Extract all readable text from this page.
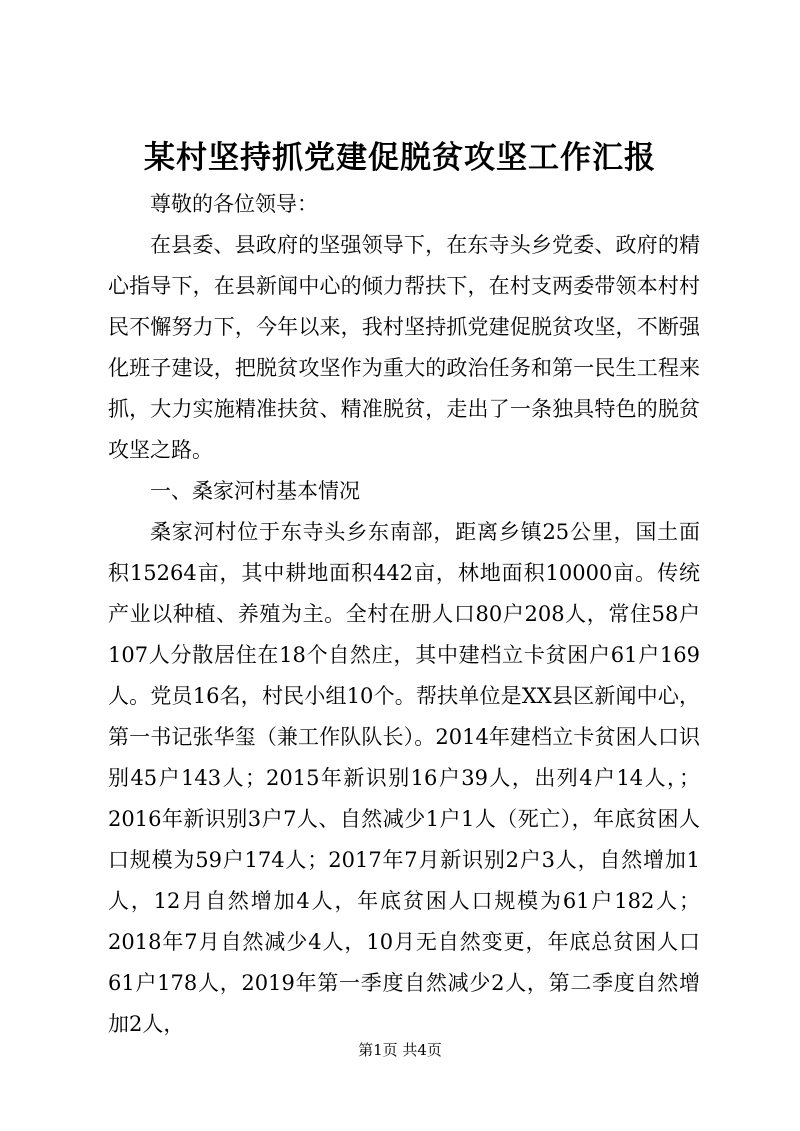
某村坚持抓党建促脱贫攻坚工作汇报

尊敬的各位领导：

在县委、县政府的坚强领导下，在东寺头乡党委、政府的精心指导下，在县新闻中心的倾力帮扶下，在村支两委带领本村村民不懈努力下，今年以来，我村坚持抓党建促脱贫攻坚，不断强化班子建设，把脱贫攻坚作为重大的政治任务和第一民生工程来抓，大力实施精准扶贫、精准脱贫，走出了一条独具特色的脱贫攻坚之路。

一、桑家河村基本情况

桑家河村位于东寺头乡东南部，距离乡镇25公里，国土面积15264亩，其中耕地面积442亩，林地面积10000亩。传统产业以种植、养殖为主。全村在册人口80户208人，常住58户107人分散居住在18个自然庄，其中建档立卡贫困户61户169人。党员16名，村民小组10个。帮扶单位是XX县区新闻中心，第一书记张华玺（兼工作队队长）。2014年建档立卡贫困人口识别45户143人；2015年新识别16户39人，出列4户14人，；2016年新识别3户7人、自然减少1户1人（死亡），年底贫困人口规模为59户174人；2017年7月新识别2户3人，自然增加1人，12月自然增加4人，年底贫困人口规模为61户182人；2018年7月自然减少4人，10月无自然变更，年底总贫困人口61户178人，2019年第一季度自然减少2人，第二季度自然增加2人，

第1页 共4页
